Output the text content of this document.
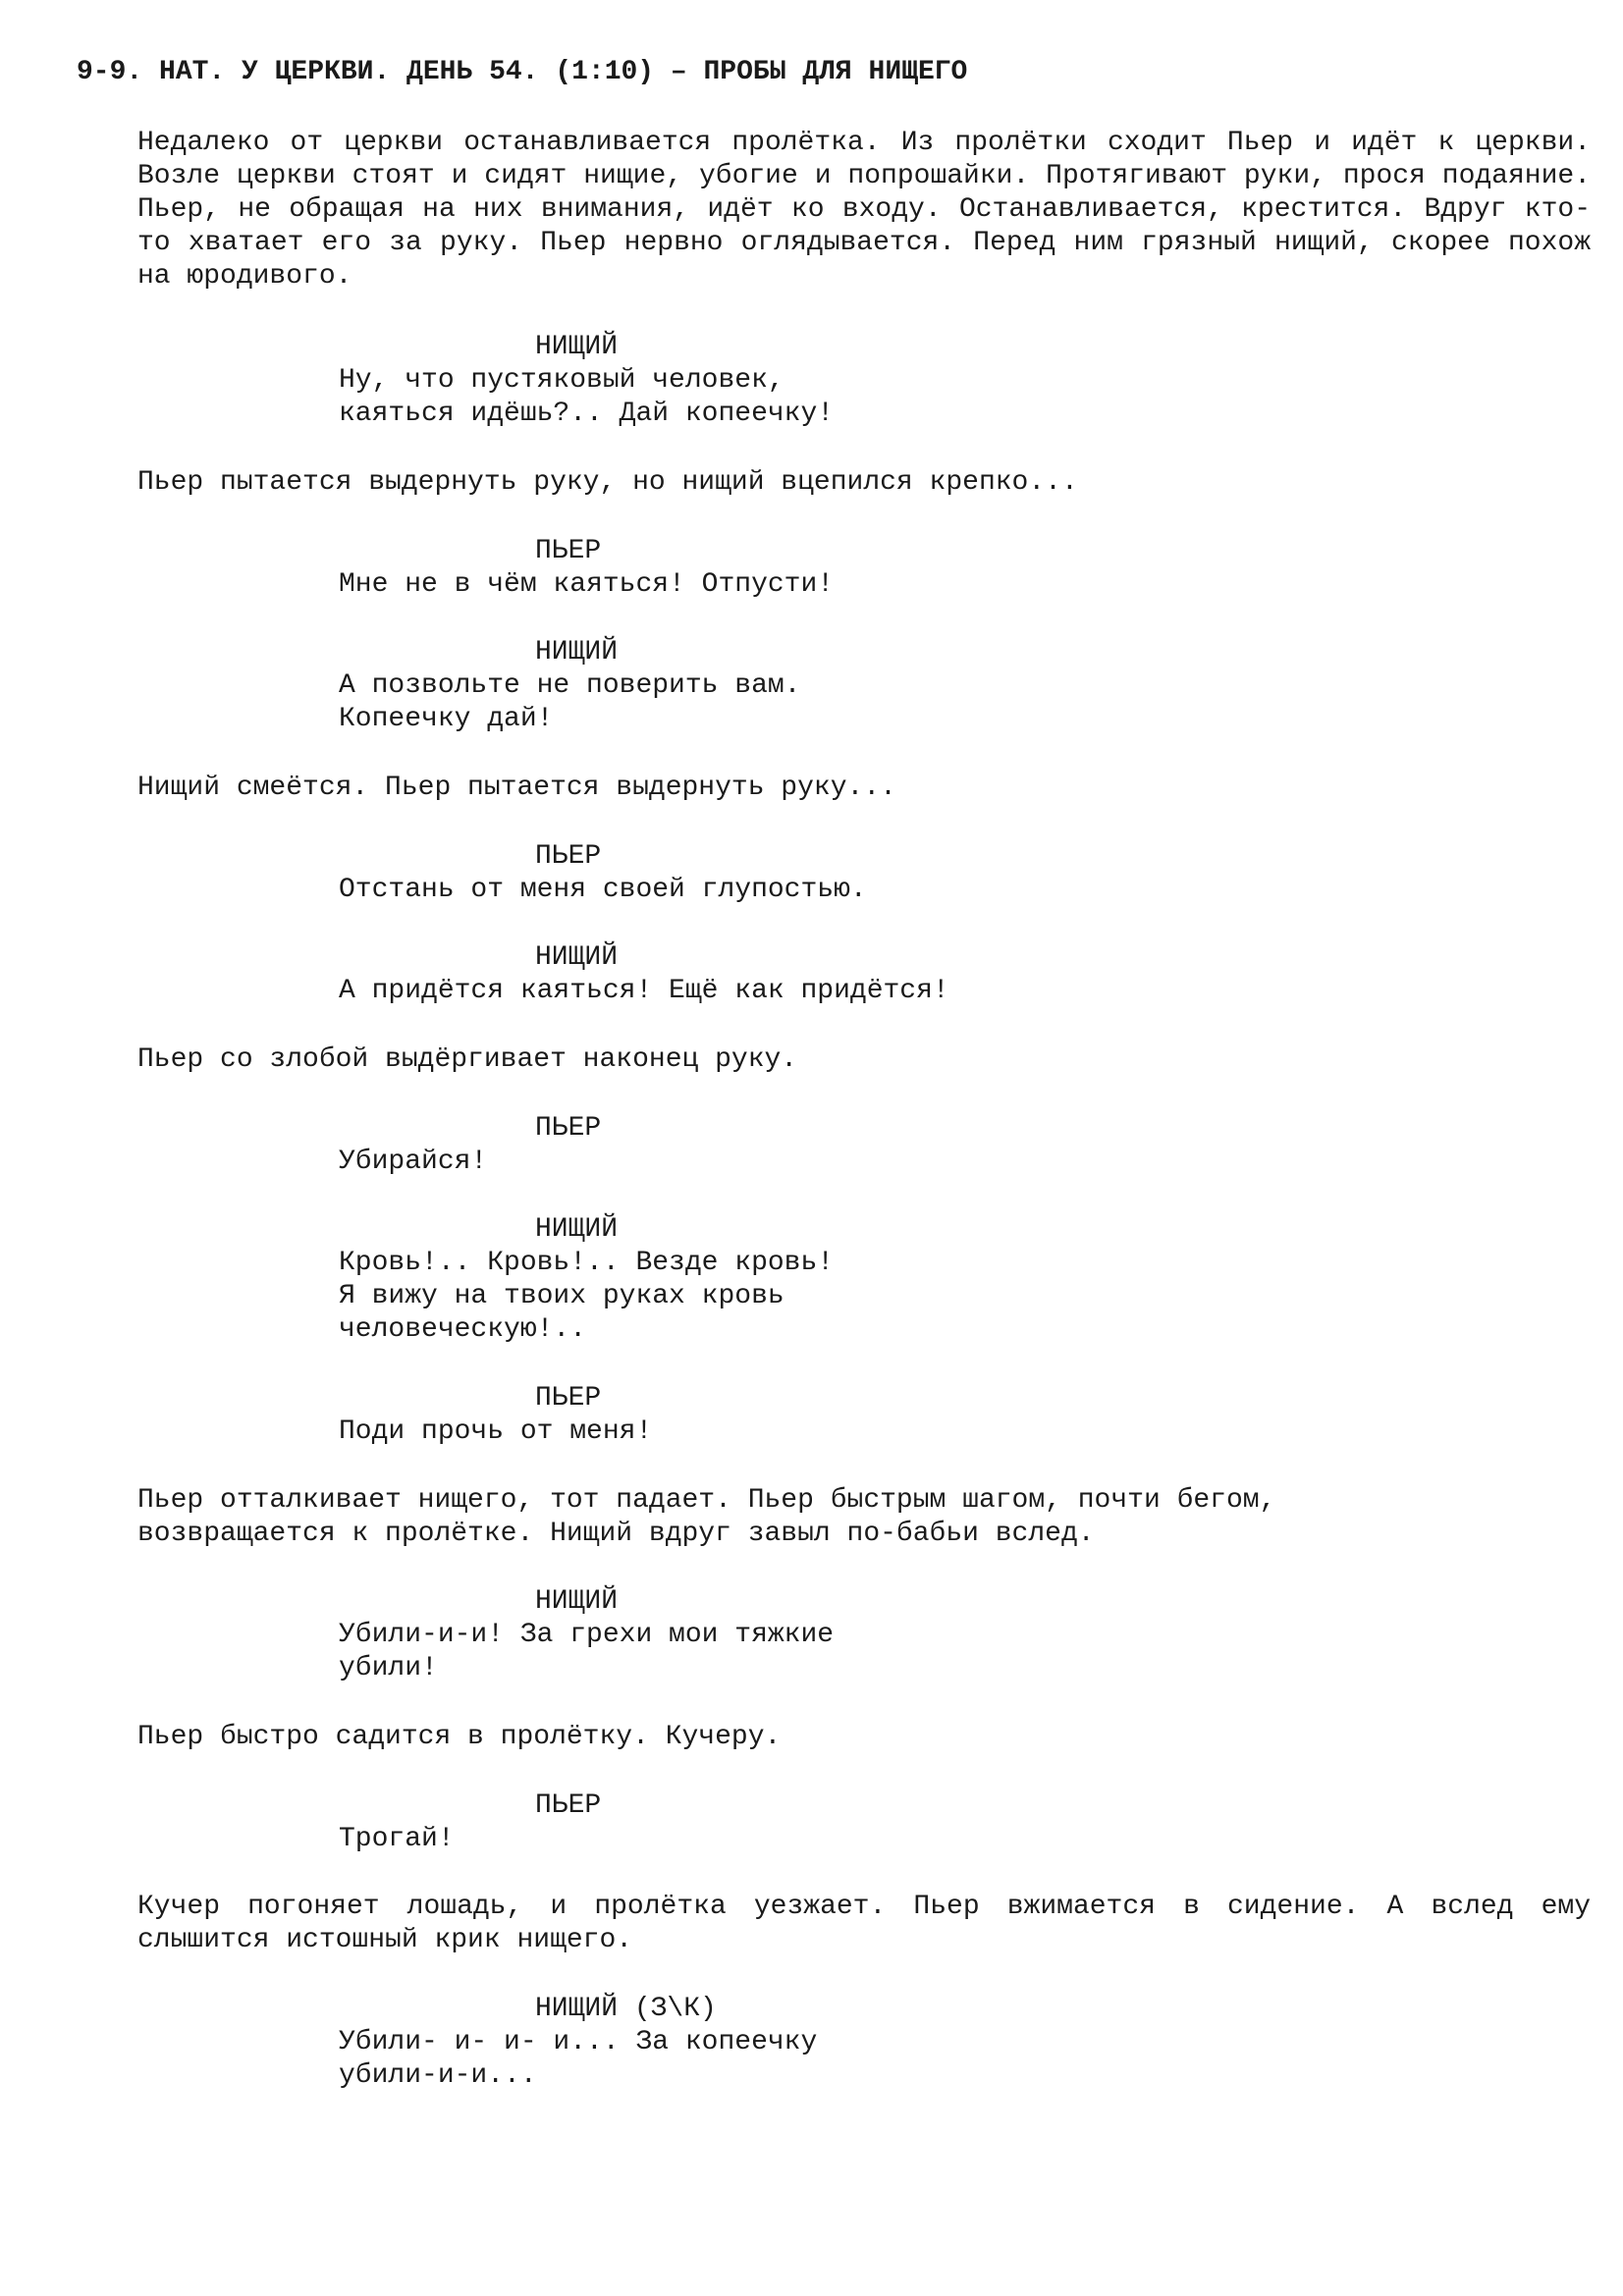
9-9. НАТ. У ЦЕРКВИ. ДЕНЬ 54. (1:10) – ПРОБЫ ДЛЯ НИЩЕГО
Недалеко от церкви останавливается пролётка. Из пролётки сходит Пьер и идёт к церкви. Возле церкви стоят и сидят нищие, убогие и попрошайки. Протягивают руки, прося подаяние. Пьер, не обращая на них внимания, идёт ко входу. Останавливается, крестится. Вдруг кто-то хватает его за руку. Пьер нервно оглядывается. Перед ним грязный нищий, скорее похож на юродивого.
НИЩИЙ
Ну, что пустяковый человек,
каяться идёшь?.. Дай копеечку!
Пьер пытается выдернуть руку, но нищий вцепился крепко...
ПЬЕР
Мне не в чём каяться! Отпусти!
НИЩИЙ
А позвольте не поверить вам.
Копеечку дай!
Нищий смеётся. Пьер пытается выдернуть руку...
ПЬЕР
Отстань от меня своей глупостью.
НИЩИЙ
А придётся каяться! Ещё как придётся!
Пьер со злобой выдёргивает наконец руку.
ПЬЕР
Убирайся!
НИЩИЙ
Кровь!.. Кровь!.. Везде кровь!
Я вижу на твоих руках кровь
человеческую!..
ПЬЕР
Поди прочь от меня!
Пьер отталкивает нищего, тот падает. Пьер быстрым шагом, почти бегом,
возвращается к пролётке. Нищий вдруг завыл по-бабьи вслед.
НИЩИЙ
Убили-и-и! За грехи мои тяжкие
убили!
Пьер быстро садится в пролётку. Кучеру.
ПЬЕР
Трогай!
Кучер погоняет лошадь, и пролётка уезжает. Пьер вжимается в сидение. А вслед ему слышится истошный крик нищего.
НИЩИЙ (З\К)
Убили- и- и- и... За копеечку
убили-и-и...
